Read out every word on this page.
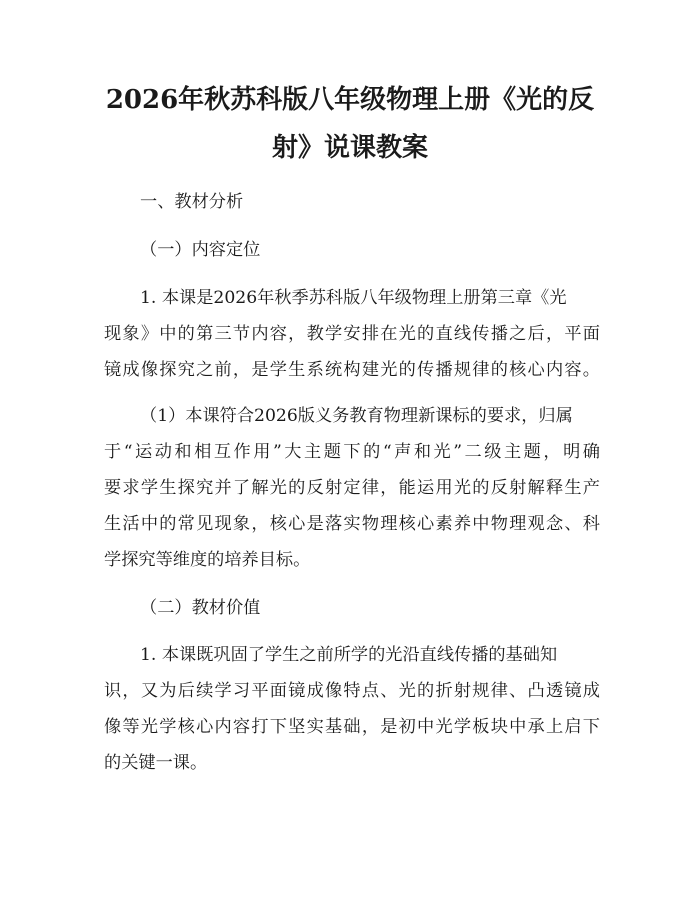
2026年秋苏科版八年级物理上册《光的反
射》说课教案

一、教材分析

（一）内容定位

1. 本课是2026年秋季苏科版八年级物理上册第三章《光

现象》中的第三节内容，教学安排在光的直线传播之后，平面

镜成像探究之前，是学生系统构建光的传播规律的核心内容。

（1）本课符合2026版义务教育物理新课标的要求，归属

于“运动和相互作用”大主题下的“声和光”二级主题，明确

要求学生探究并了解光的反射定律，能运用光的反射解释生产

生活中的常见现象，核心是落实物理核心素养中物理观念、科

学探究等维度的培养目标。

（二）教材价值

1. 本课既巩固了学生之前所学的光沿直线传播的基础知

识，又为后续学习平面镜成像特点、光的折射规律、凸透镜成

像等光学核心内容打下坚实基础，是初中光学板块中承上启下

的关键一课。
